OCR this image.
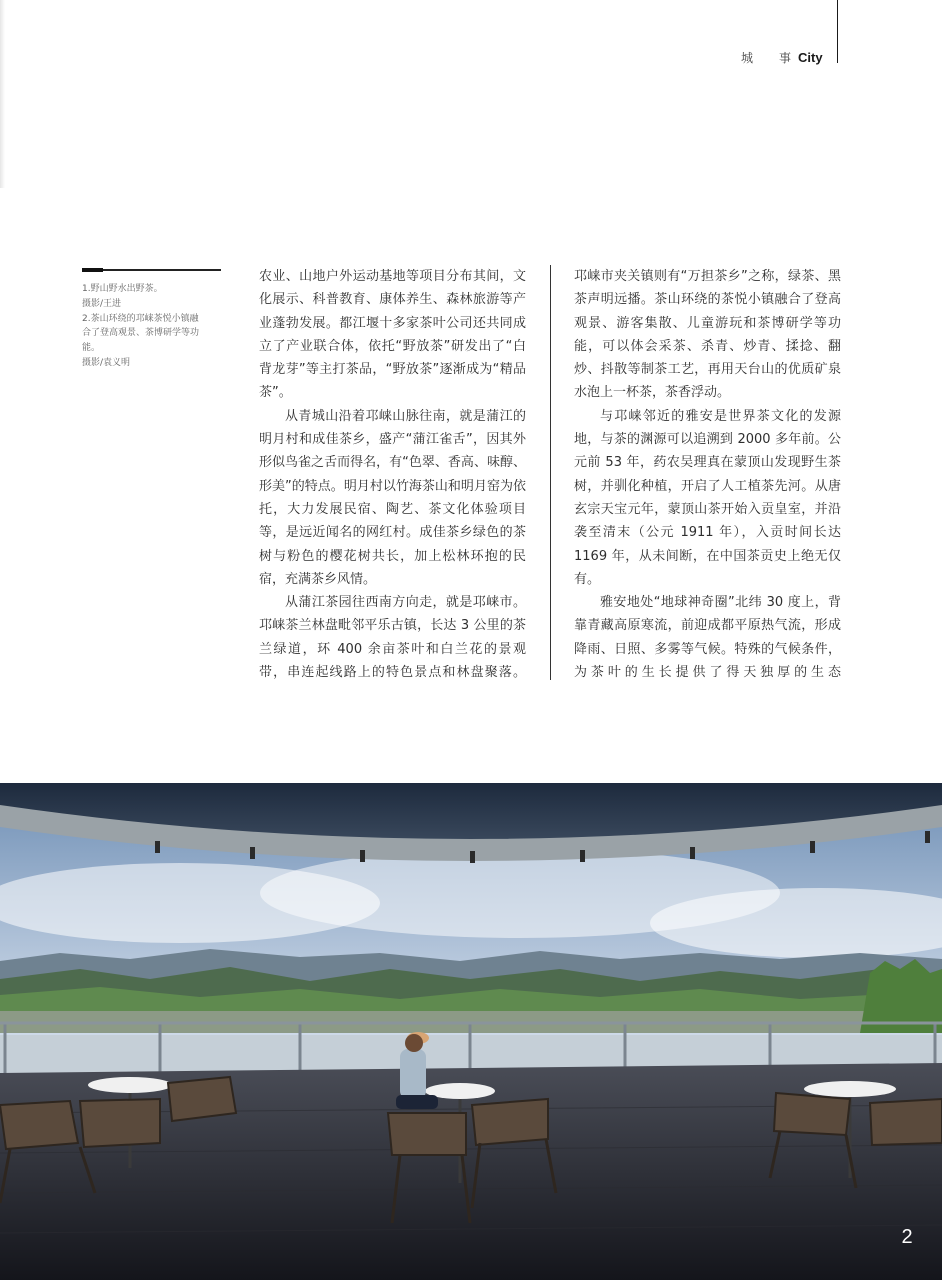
城 事 City
1.野山野水出野茶。
摄影/王进
2.茶山环绕的邛崃茶悦小镇融
合了登高观景、茶博研学等功
能。
摄影/袁义明

农业、山地户外运动基地等项目分布其间，文化展示、科普教育、康体养生、森林旅游等产业蓬勃发展。都江堰十多家茶叶公司还共同成立了产业联合体，依托“野放茶”研发出了“白背龙芽”等主打茶品，“野放茶”逐渐成为“精品茶”。

从青城山沿着邛崃山脉往南，就是蒲江的明月村和成佳茶乡，盛产“蒲江雀舌”，因其外形似鸟雀之舌而得名，有“色翠、香高、味醇、形美”的特点。明月村以竹海茶山和明月窑为依托，大力发展民宿、陶艺、茶文化体验项目等，是远近闻名的网红村。成佳茶乡绿色的茶树与粉色的樱花树共长，加上松林环抱的民宿，充满茶乡风情。

从蒲江茶园往西南方向走，就是邛崃市。邛崃茶兰林盘毗邻平乐古镇，长达 3 公里的茶兰绿道，环 400 余亩茶叶和白兰花的景观带，串连起线路上的特色景点和林盘聚落。

邛崃市夹关镇则有“万担茶乡”之称，绿茶、黑茶声明远播。茶山环绕的茶悦小镇融合了登高观景、游客集散、儿童游玩和茶博研学等功能，可以体会采茶、杀青、炒青、揉捻、翻炒、抖散等制茶工艺，再用天台山的优质矿泉水泡上一杯茶，茶香浮动。

与邛崃邻近的雅安是世界茶文化的发源地，与茶的渊源可以追溯到 2000 多年前。公元前 53 年，药农吴理真在蒙顶山发现野生茶树，并驯化种植，开启了人工植茶先河。从唐玄宗天宝元年，蒙顶山茶开始入贡皇室，并沿袭至清末（公元 1911 年），入贡时间长达 1169 年，从未间断，在中国茶贡史上绝无仅有。

雅安地处“地球神奇圈”北纬 30 度上，背靠青藏高原寒流，前迎成都平原热气流，形成降雨、日照、多雾等气候。特殊的气候条件，为茶叶的生长提供了得天独厚的生态

2
